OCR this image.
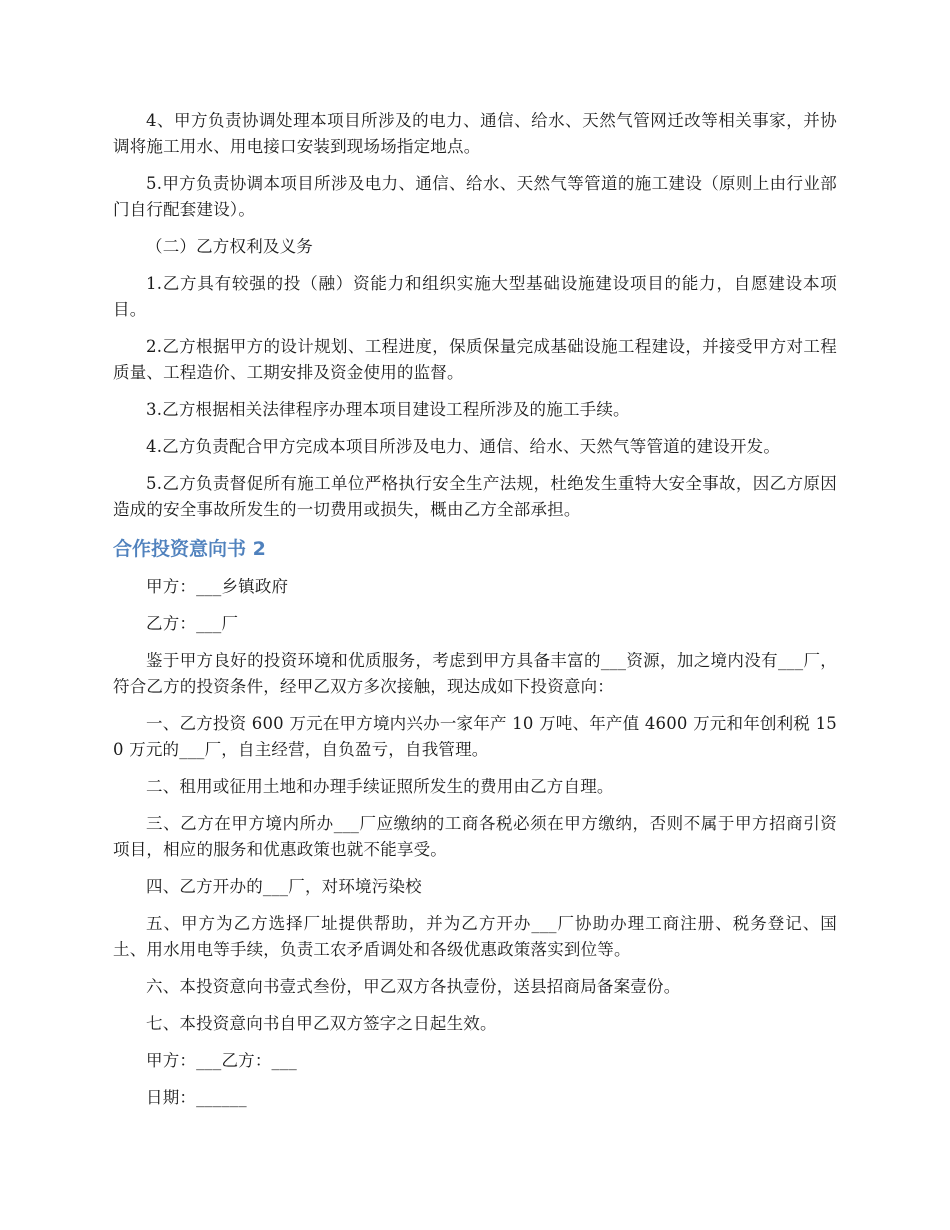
4、甲方负责协调处理本项目所涉及的电力、通信、给水、天然气管网迁改等相关事家，并协调将施工用水、用电接口安装到现场场指定地点。

5.甲方负责协调本项目所涉及电力、通信、给水、天然气等管道的施工建设（原则上由行业部门自行配套建设）。

（二）乙方权利及义务

1.乙方具有较强的投（融）资能力和组织实施大型基础设施建设项目的能力，自愿建设本项目。

2.乙方根据甲方的设计规划、工程进度，保质保量完成基础设施工程建设，并接受甲方对工程质量、工程造价、工期安排及资金使用的监督。

3.乙方根据相关法律程序办理本项目建设工程所涉及的施工手续。

4.乙方负责配合甲方完成本项目所涉及电力、通信、给水、天然气等管道的建设开发。

5.乙方负责督促所有施工单位严格执行安全生产法规，杜绝发生重特大安全事故，因乙方原因造成的安全事故所发生的一切费用或损失，概由乙方全部承担。

合作投资意向书 2

甲方：___乡镇政府

乙方：___厂

鉴于甲方良好的投资环境和优质服务，考虑到甲方具备丰富的___资源，加之境内没有___厂，符合乙方的投资条件，经甲乙双方多次接触，现达成如下投资意向：

一、乙方投资 600 万元在甲方境内兴办一家年产 10 万吨、年产值 4600 万元和年创利税 150 万元的___厂，自主经营，自负盈亏，自我管理。

二、租用或征用土地和办理手续证照所发生的费用由乙方自理。

三、乙方在甲方境内所办___厂应缴纳的工商各税必须在甲方缴纳，否则不属于甲方招商引资项目，相应的服务和优惠政策也就不能享受。

四、乙方开办的___厂，对环境污染校

五、甲方为乙方选择厂址提供帮助，并为乙方开办___厂协助办理工商注册、税务登记、国土、用水用电等手续，负责工农矛盾调处和各级优惠政策落实到位等。

六、本投资意向书壹式叁份，甲乙双方各执壹份，送县招商局备案壹份。

七、本投资意向书自甲乙双方签字之日起生效。

甲方：___乙方：___

日期：______
